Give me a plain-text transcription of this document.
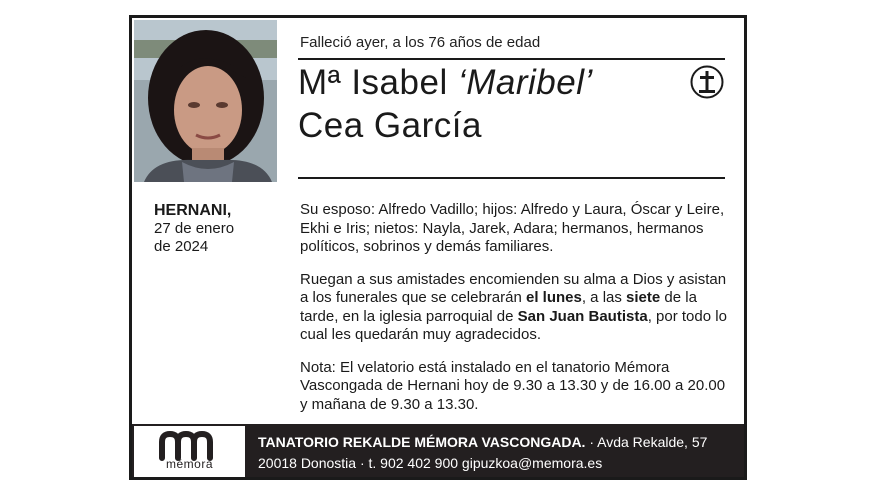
Falleció ayer, a los 76 años de edad
Mª Isabel ‘Maribel’
Cea García
HERNANI,
27 de enero
de 2024

Su esposo: Alfredo Vadillo; hijos: Alfredo y Laura, Óscar y Leire, Ekhi e Iris; nietos: Nayla, Jarek, Adara; hermanos, hermanos políticos, sobrinos y demás familiares.

Ruegan a sus amistades encomienden su alma a Dios y asistan a los funerales que se celebrarán el lunes, a las siete de la tarde, en la iglesia parroquial de San Juan Bautista, por todo lo cual les quedarán muy agradecidos.

Nota: El velatorio está instalado en el tanatorio Mémora Vascongada de Hernani hoy de 9.30 a 13.30 y de 16.00 a 20.00 y mañana de 9.30 a 13.30.

mémora
TANATORIO REKALDE MÉMORA VASCONGADA. · Avda Rekalde, 57
20018 Donostia · t. 902 402 900 gipuzkoa@memora.es
